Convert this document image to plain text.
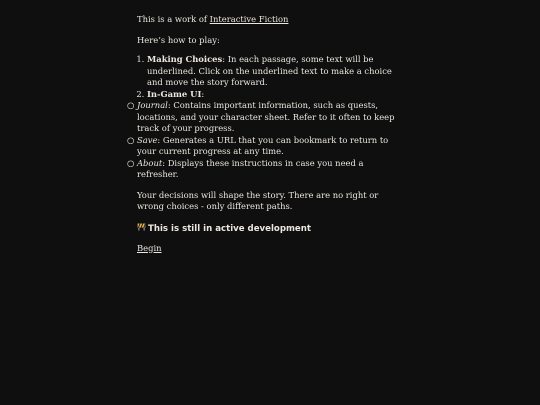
This is a work of Interactive Fiction

Here’s how to play:

1. Making Choices: In each passage, some text will be underlined. Click on the underlined text to make a choice and move the story forward.
2. In-Game UI:
○ Journal: Contains important information, such as quests, locations, and your character sheet. Refer to it often to keep track of your progress.
○ Save: Generates a URL that you can bookmark to return to your current progress at any time.
○ About: Displays these instructions in case you need a refresher.

Your decisions will shape the story. There are no right or wrong choices - only different paths.

This is still in active development

Begin
